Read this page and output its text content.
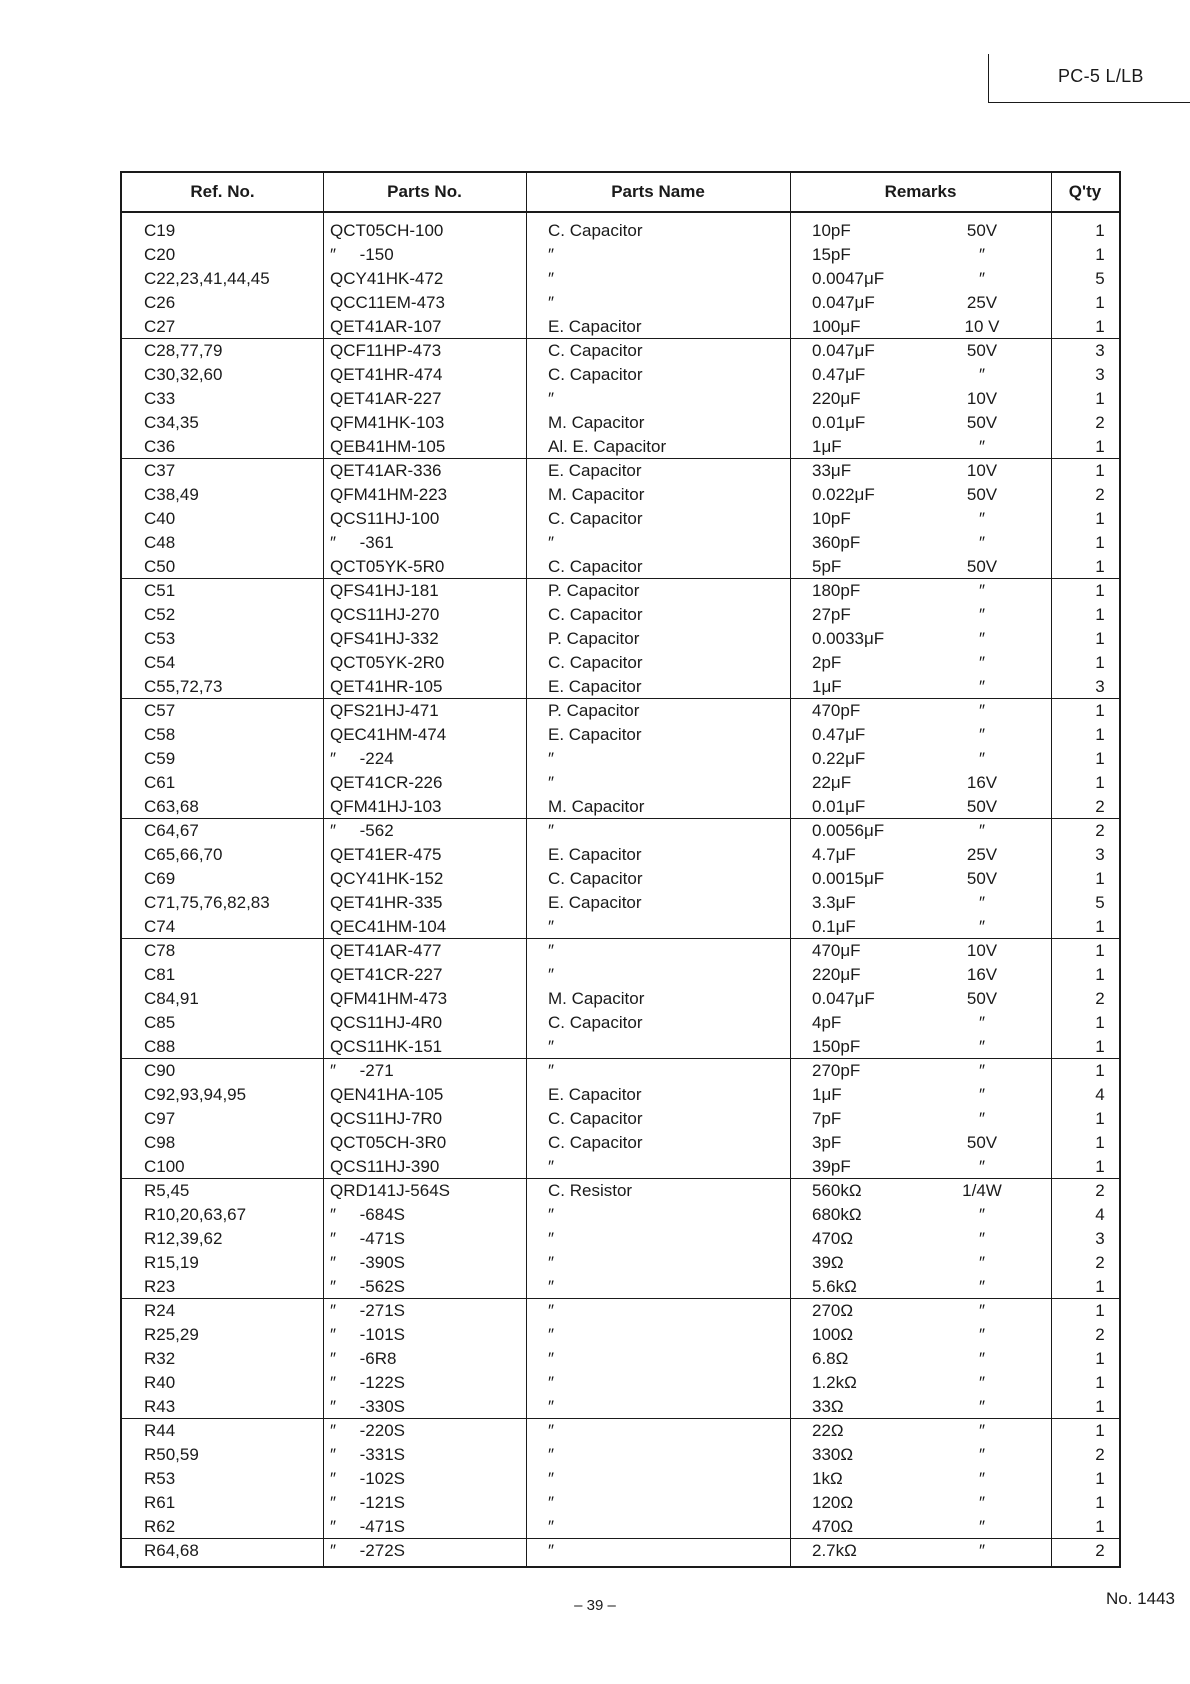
PC-5 L/LB
Ref. No.	Parts No.	Parts Name	Remarks	Q'ty
C19	QCT05CH-100	C. Capacitor	10pF	50V	1
C20	″     -150	″	15pF	″	1
C22,23,41,44,45	QCY41HK-472	″	0.0047μF	″	5
C26	QCC11EM-473	″	0.047μF	25V	1
C27	QET41AR-107	E. Capacitor	100μF	10 V	1
C28,77,79	QCF11HP-473	C. Capacitor	0.047μF	50V	3
C30,32,60	QET41HR-474	C. Capacitor	0.47μF	″	3
C33	QET41AR-227	″	220μF	10V	1
C34,35	QFM41HK-103	M. Capacitor	0.01μF	50V	2
C36	QEB41HM-105	Al. E. Capacitor	1μF	″	1
C37	QET41AR-336	E. Capacitor	33μF	10V	1
C38,49	QFM41HM-223	M. Capacitor	0.022μF	50V	2
C40	QCS11HJ-100	C. Capacitor	10pF	″	1
C48	″     -361	″	360pF	″	1
C50	QCT05YK-5R0	C. Capacitor	5pF	50V	1
C51	QFS41HJ-181	P. Capacitor	180pF	″	1
C52	QCS11HJ-270	C. Capacitor	27pF	″	1
C53	QFS41HJ-332	P. Capacitor	0.0033μF	″	1
C54	QCT05YK-2R0	C. Capacitor	2pF	″	1
C55,72,73	QET41HR-105	E. Capacitor	1μF	″	3
C57	QFS21HJ-471	P. Capacitor	470pF	″	1
C58	QEC41HM-474	E. Capacitor	0.47μF	″	1
C59	″     -224	″	0.22μF	″	1
C61	QET41CR-226	″	22μF	16V	1
C63,68	QFM41HJ-103	M. Capacitor	0.01μF	50V	2
C64,67	″     -562	″	0.0056μF	″	2
C65,66,70	QET41ER-475	E. Capacitor	4.7μF	25V	3
C69	QCY41HK-152	C. Capacitor	0.0015μF	50V	1
C71,75,76,82,83	QET41HR-335	E. Capacitor	3.3μF	″	5
C74	QEC41HM-104	″	0.1μF	″	1
C78	QET41AR-477	″	470μF	10V	1
C81	QET41CR-227	″	220μF	16V	1
C84,91	QFM41HM-473	M. Capacitor	0.047μF	50V	2
C85	QCS11HJ-4R0	C. Capacitor	4pF	″	1
C88	QCS11HK-151	″	150pF	″	1
C90	″     -271	″	270pF	″	1
C92,93,94,95	QEN41HA-105	E. Capacitor	1μF	″	4
C97	QCS11HJ-7R0	C. Capacitor	7pF	″	1
C98	QCT05CH-3R0	C. Capacitor	3pF	50V	1
C100	QCS11HJ-390	″	39pF	″	1
R5,45	QRD141J-564S	C. Resistor	560kΩ	1/4W	2
R10,20,63,67	″     -684S	″	680kΩ	″	4
R12,39,62	″     -471S	″	470Ω	″	3
R15,19	″     -390S	″	39Ω	″	2
R23	″     -562S	″	5.6kΩ	″	1
R24	″     -271S	″	270Ω	″	1
R25,29	″     -101S	″	100Ω	″	2
R32	″     -6R8	″	6.8Ω	″	1
R40	″     -122S	″	1.2kΩ	″	1
R43	″     -330S	″	33Ω	″	1
R44	″     -220S	″	22Ω	″	1
R50,59	″     -331S	″	330Ω	″	2
R53	″     -102S	″	1kΩ	″	1
R61	″     -121S	″	120Ω	″	1
R62	″     -471S	″	470Ω	″	1
R64,68	″     -272S	″	2.7kΩ	″	2
– 39 –	No. 1443
